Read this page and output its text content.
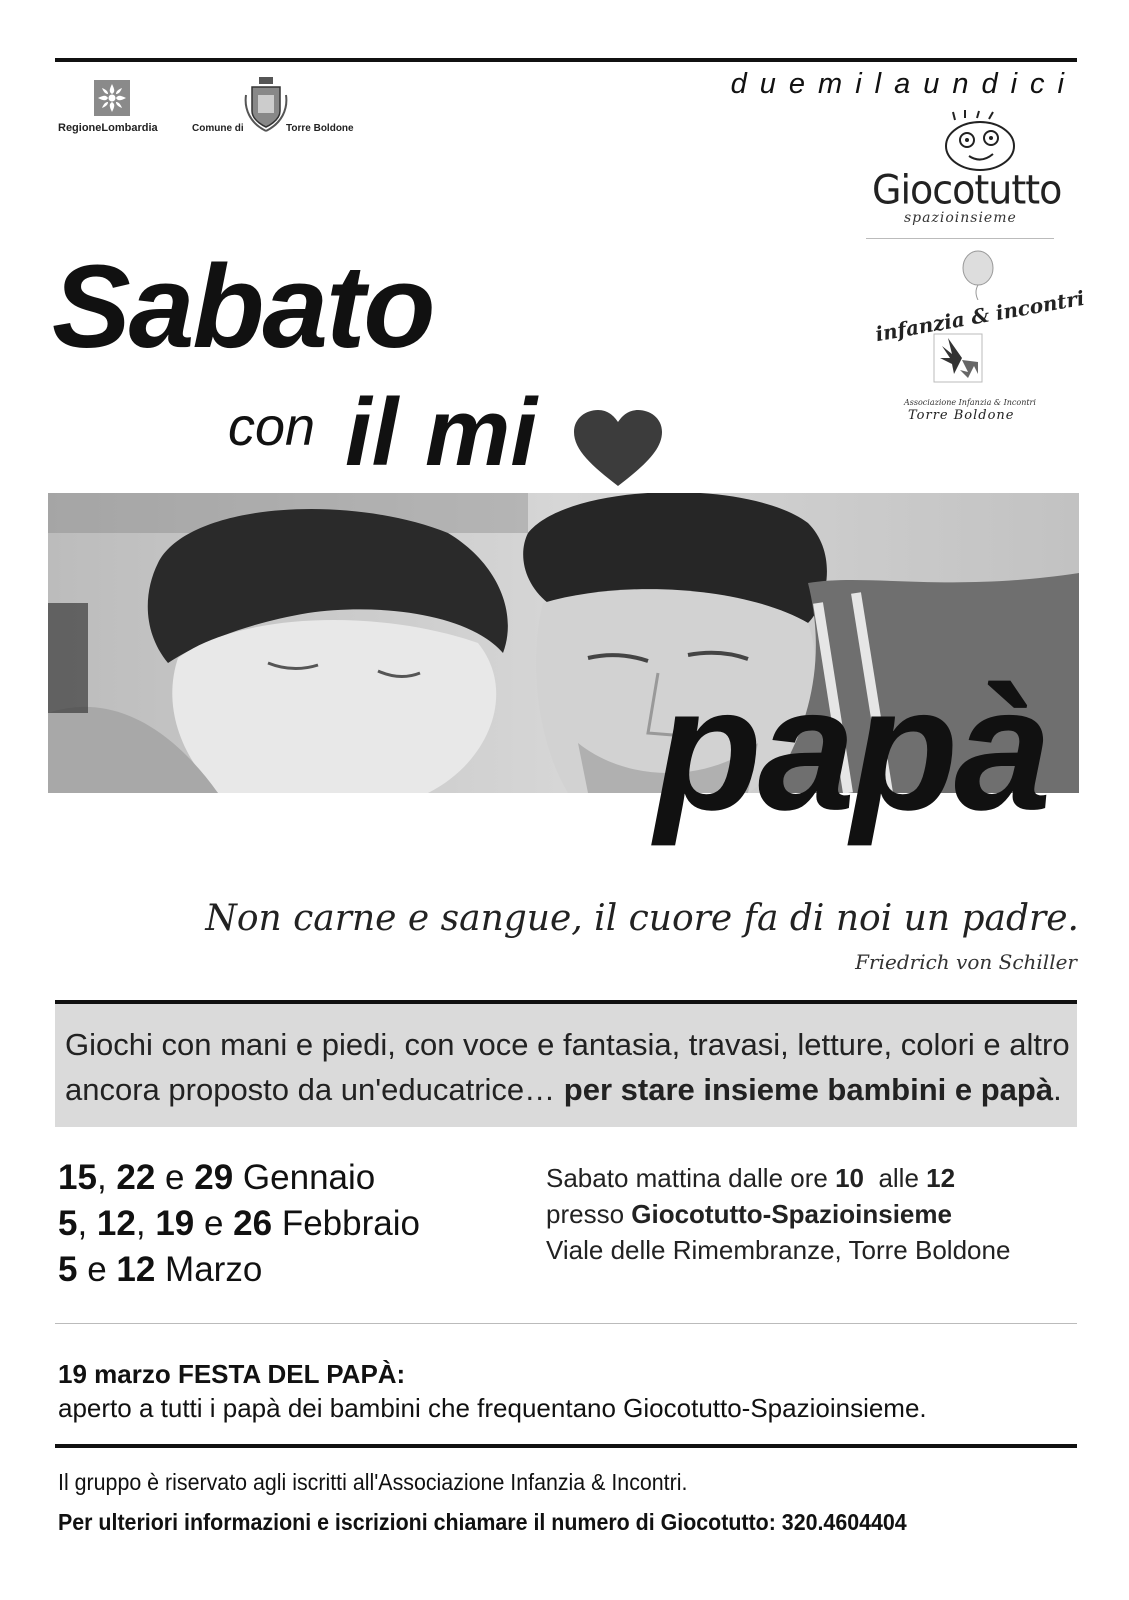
RegioneLombardia	Comune di	Torre Boldone
duemilaundici
Giocotutto
spazioinsieme
infanzia & incontri
Associazione Infanzia & Incontri
Torre Boldone
Sabato
con il mi
papà
Non carne e sangue, il cuore fa di noi un padre.
Friedrich von Schiller
Giochi con mani e piedi, con voce e fantasia, travasi, letture, colori e altro ancora proposto da un'educatrice… per stare insieme bambini e papà.
15, 22 e 29 Gennaio
5, 12, 19 e 26 Febbraio
5 e 12 Marzo
Sabato mattina dalle ore 10  alle 12
presso Giocotutto-Spazioinsieme
Viale delle Rimembranze, Torre Boldone
19 marzo FESTA DEL PAPÀ:
aperto a tutti i papà dei bambini che frequentano Giocotutto-Spazioinsieme.
Il gruppo è riservato agli iscritti all'Associazione Infanzia & Incontri.
Per ulteriori informazioni e iscrizioni chiamare il numero di Giocotutto: 320.4604404
